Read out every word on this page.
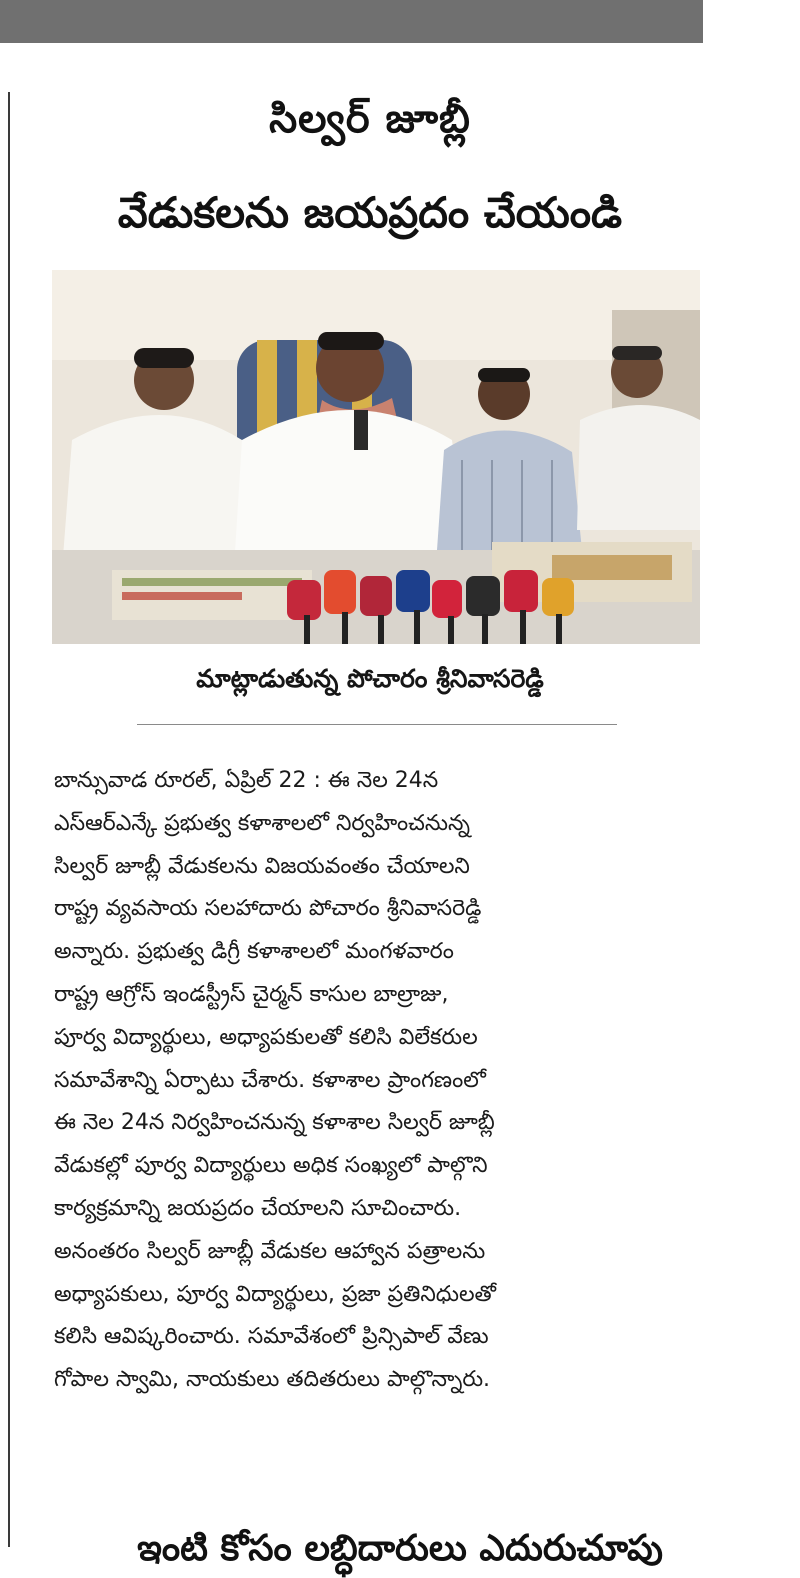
సిల్వర్ జూబ్లీ
వేడుకలను జయప్రదం చేయండి
మాట్లాడుతున్న పోచారం శ్రీనివాసరెడ్డి
బాన్సువాడ రూరల్, ఏప్రిల్ 22 : ఈ నెల 24న
ఎస్ఆర్ఎన్కే ప్రభుత్వ కళాశాలలో నిర్వహించనున్న
సిల్వర్ జూబ్లీ వేడుకలను విజయవంతం చేయాలని
రాష్ట్ర వ్యవసాయ సలహాదారు పోచారం శ్రీనివాసరెడ్డి
అన్నారు. ప్రభుత్వ డిగ్రీ కళాశాలలో మంగళవారం
రాష్ట్ర ఆగ్రోస్ ఇండస్ట్రీస్ చైర్మన్ కాసుల బాల్రాజు,
పూర్వ విద్యార్థులు, అధ్యాపకులతో కలిసి విలేకరుల
సమావేశాన్ని ఏర్పాటు చేశారు. కళాశాల ప్రాంగణంలో
ఈ నెల 24న నిర్వహించనున్న కళాశాల సిల్వర్ జూబ్లీ
వేడుకల్లో పూర్వ విద్యార్థులు అధిక సంఖ్యలో పాల్గొని
కార్యక్రమాన్ని జయప్రదం చేయాలని సూచించారు.
అనంతరం సిల్వర్ జూబ్లీ వేడుకల ఆహ్వాన పత్రాలను
అధ్యాపకులు, పూర్వ విద్యార్థులు, ప్రజా ప్రతినిధులతో
కలిసి ఆవిష్కరించారు. సమావేశంలో ప్రిన్సిపాల్ వేణు
గోపాల స్వామి, నాయకులు తదితరులు పాల్గొన్నారు.
ఇంటి కోసం లబ్ధిదారులు ఎదురుచూపు
